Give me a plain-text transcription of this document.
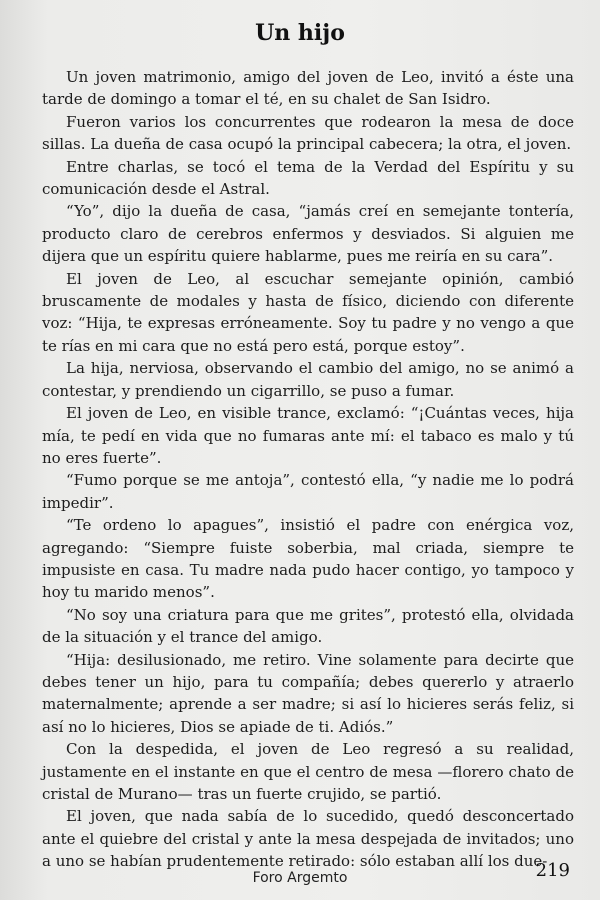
Un hijo

Un joven matrimonio, amigo del joven de Leo, invitó a éste una tarde de domingo a tomar el té, en su chalet de San Isidro.

Fueron varios los concurrentes que rodearon la mesa de doce sillas. La dueña de casa ocupó la principal cabecera; la otra, el joven.

Entre charlas, se tocó el tema de la Verdad del Espíritu y su comunicación desde el Astral.

“Yo”, dijo la dueña de casa, “jamás creí en semejante tontería, producto claro de cerebros enfermos y desviados. Si alguien me dijera que un espíritu quiere hablarme, pues me reiría en su cara”.

El joven de Leo, al escuchar semejante opinión, cambió bruscamente de modales y hasta de físico, diciendo con diferente voz: “Hija, te expresas erróneamente. Soy tu padre y no vengo a que te rías en mi cara que no está pero está, porque estoy”.

La hija, nerviosa, observando el cambio del amigo, no se animó a contestar, y prendiendo un cigarrillo, se puso a fumar.

El joven de Leo, en visible trance, exclamó: “¡Cuántas veces, hija mía, te pedí en vida que no fumaras ante mí: el tabaco es malo y tú no eres fuerte”.

“Fumo porque se me antoja”, contestó ella, “y nadie me lo podrá impedir”.

“Te ordeno lo apagues”, insistió el padre con enérgica voz, agregando: “Siempre fuiste soberbia, mal criada, siempre te impusiste en casa. Tu madre nada pudo hacer contigo, yo tampoco y hoy tu marido menos”.

“No soy una criatura para que me grites”, protestó ella, olvidada de la situación y el trance del amigo.

“Hija: desilusionado, me retiro. Vine solamente para decirte que debes tener un hijo, para tu compañía; debes quererlo y atraerlo maternalmente; aprende a ser madre; si así lo hicieres serás feliz, si así no lo hicieres, Dios se apiade de ti. Adiós.”

Con la despedida, el joven de Leo regresó a su realidad, justamente en el instante en que el centro de mesa —florero chato de cristal de Murano— tras un fuerte crujido, se partió.

El joven, que nada sabía de lo sucedido, quedó desconcertado ante el quiebre del cristal y ante la mesa despejada de invitados; uno a uno se habían prudentemente retirado: sólo estaban allí los due-

219
Foro Argemto
